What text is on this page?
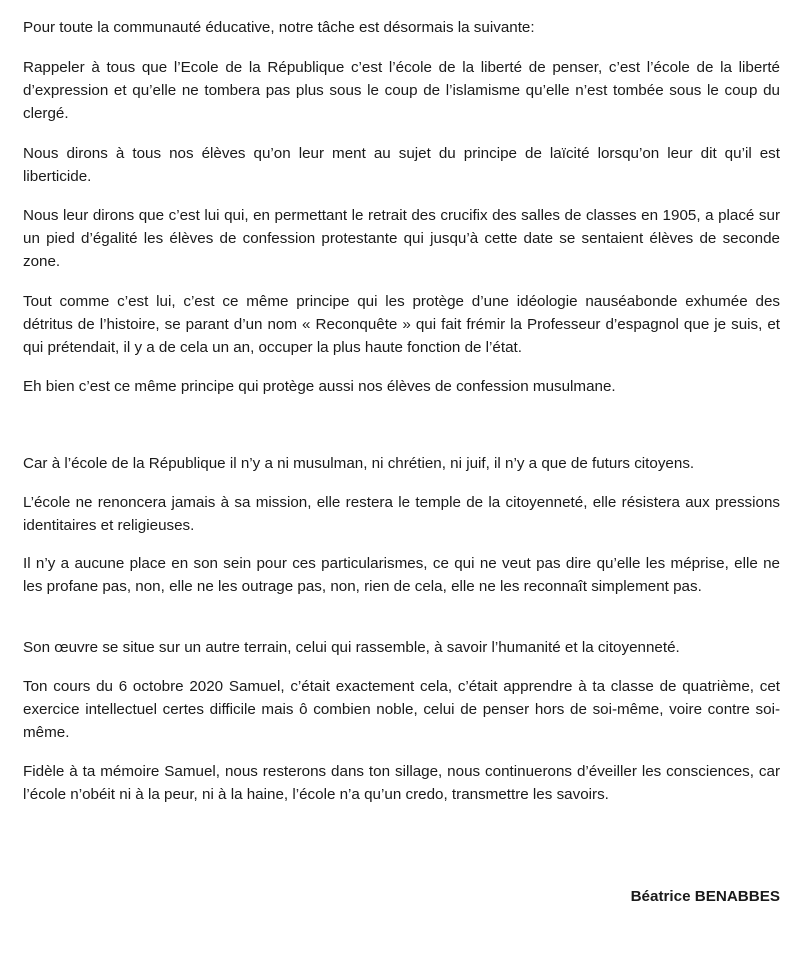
Pour toute la communauté éducative, notre tâche est désormais la suivante:

Rappeler à tous que l’Ecole de la République c’est l’école de la liberté de penser, c’est l’école de la liberté d’expression et qu’elle ne tombera pas plus sous le coup de l’islamisme qu’elle n’est tombée sous le coup du clergé.

Nous dirons à tous nos élèves qu’on leur ment au sujet du principe de laïcité lorsqu’on leur dit qu’il est liberticide.

Nous leur dirons que c’est lui qui, en permettant le retrait des crucifix des salles de classes en 1905, a placé sur un pied d’égalité les élèves de confession protestante qui jusqu’à cette date se sentaient élèves de seconde zone.

Tout comme c’est lui, c’est ce même principe qui les protège d’une idéologie nauséabonde exhumée des détritus de l’histoire, se parant d’un nom « Reconquête » qui fait frémir la Professeur d’espagnol que je suis, et qui prétendait, il y a de cela un an, occuper la plus haute fonction de l’état.

Eh bien c’est ce même principe qui protège aussi nos élèves de confession musulmane.

Car à l’école de la République il n’y a ni musulman, ni chrétien, ni juif, il n’y a que de futurs citoyens.

L’école ne renoncera jamais à sa mission, elle restera le temple de la citoyenneté, elle résistera aux pressions identitaires et religieuses.

Il n’y a aucune place en son sein pour ces particularismes, ce qui ne veut pas dire qu’elle les méprise, elle ne les profane pas, non, elle ne les outrage pas, non, rien de cela, elle ne les reconnaît simplement pas.

Son œuvre se situe sur un autre terrain, celui qui rassemble, à savoir l’humanité et la citoyenneté.

Ton cours du 6 octobre 2020 Samuel, c’était exactement cela, c’était apprendre à ta classe de quatrième, cet exercice intellectuel certes difficile mais ô combien noble, celui de penser hors de soi-même, voire contre soi-même.

Fidèle à ta mémoire Samuel, nous resterons dans ton sillage, nous continuerons d’éveiller les consciences, car l’école n’obéit ni à la peur, ni à la haine, l’école n’a qu’un credo, transmettre les savoirs.

Béatrice BENABBES
